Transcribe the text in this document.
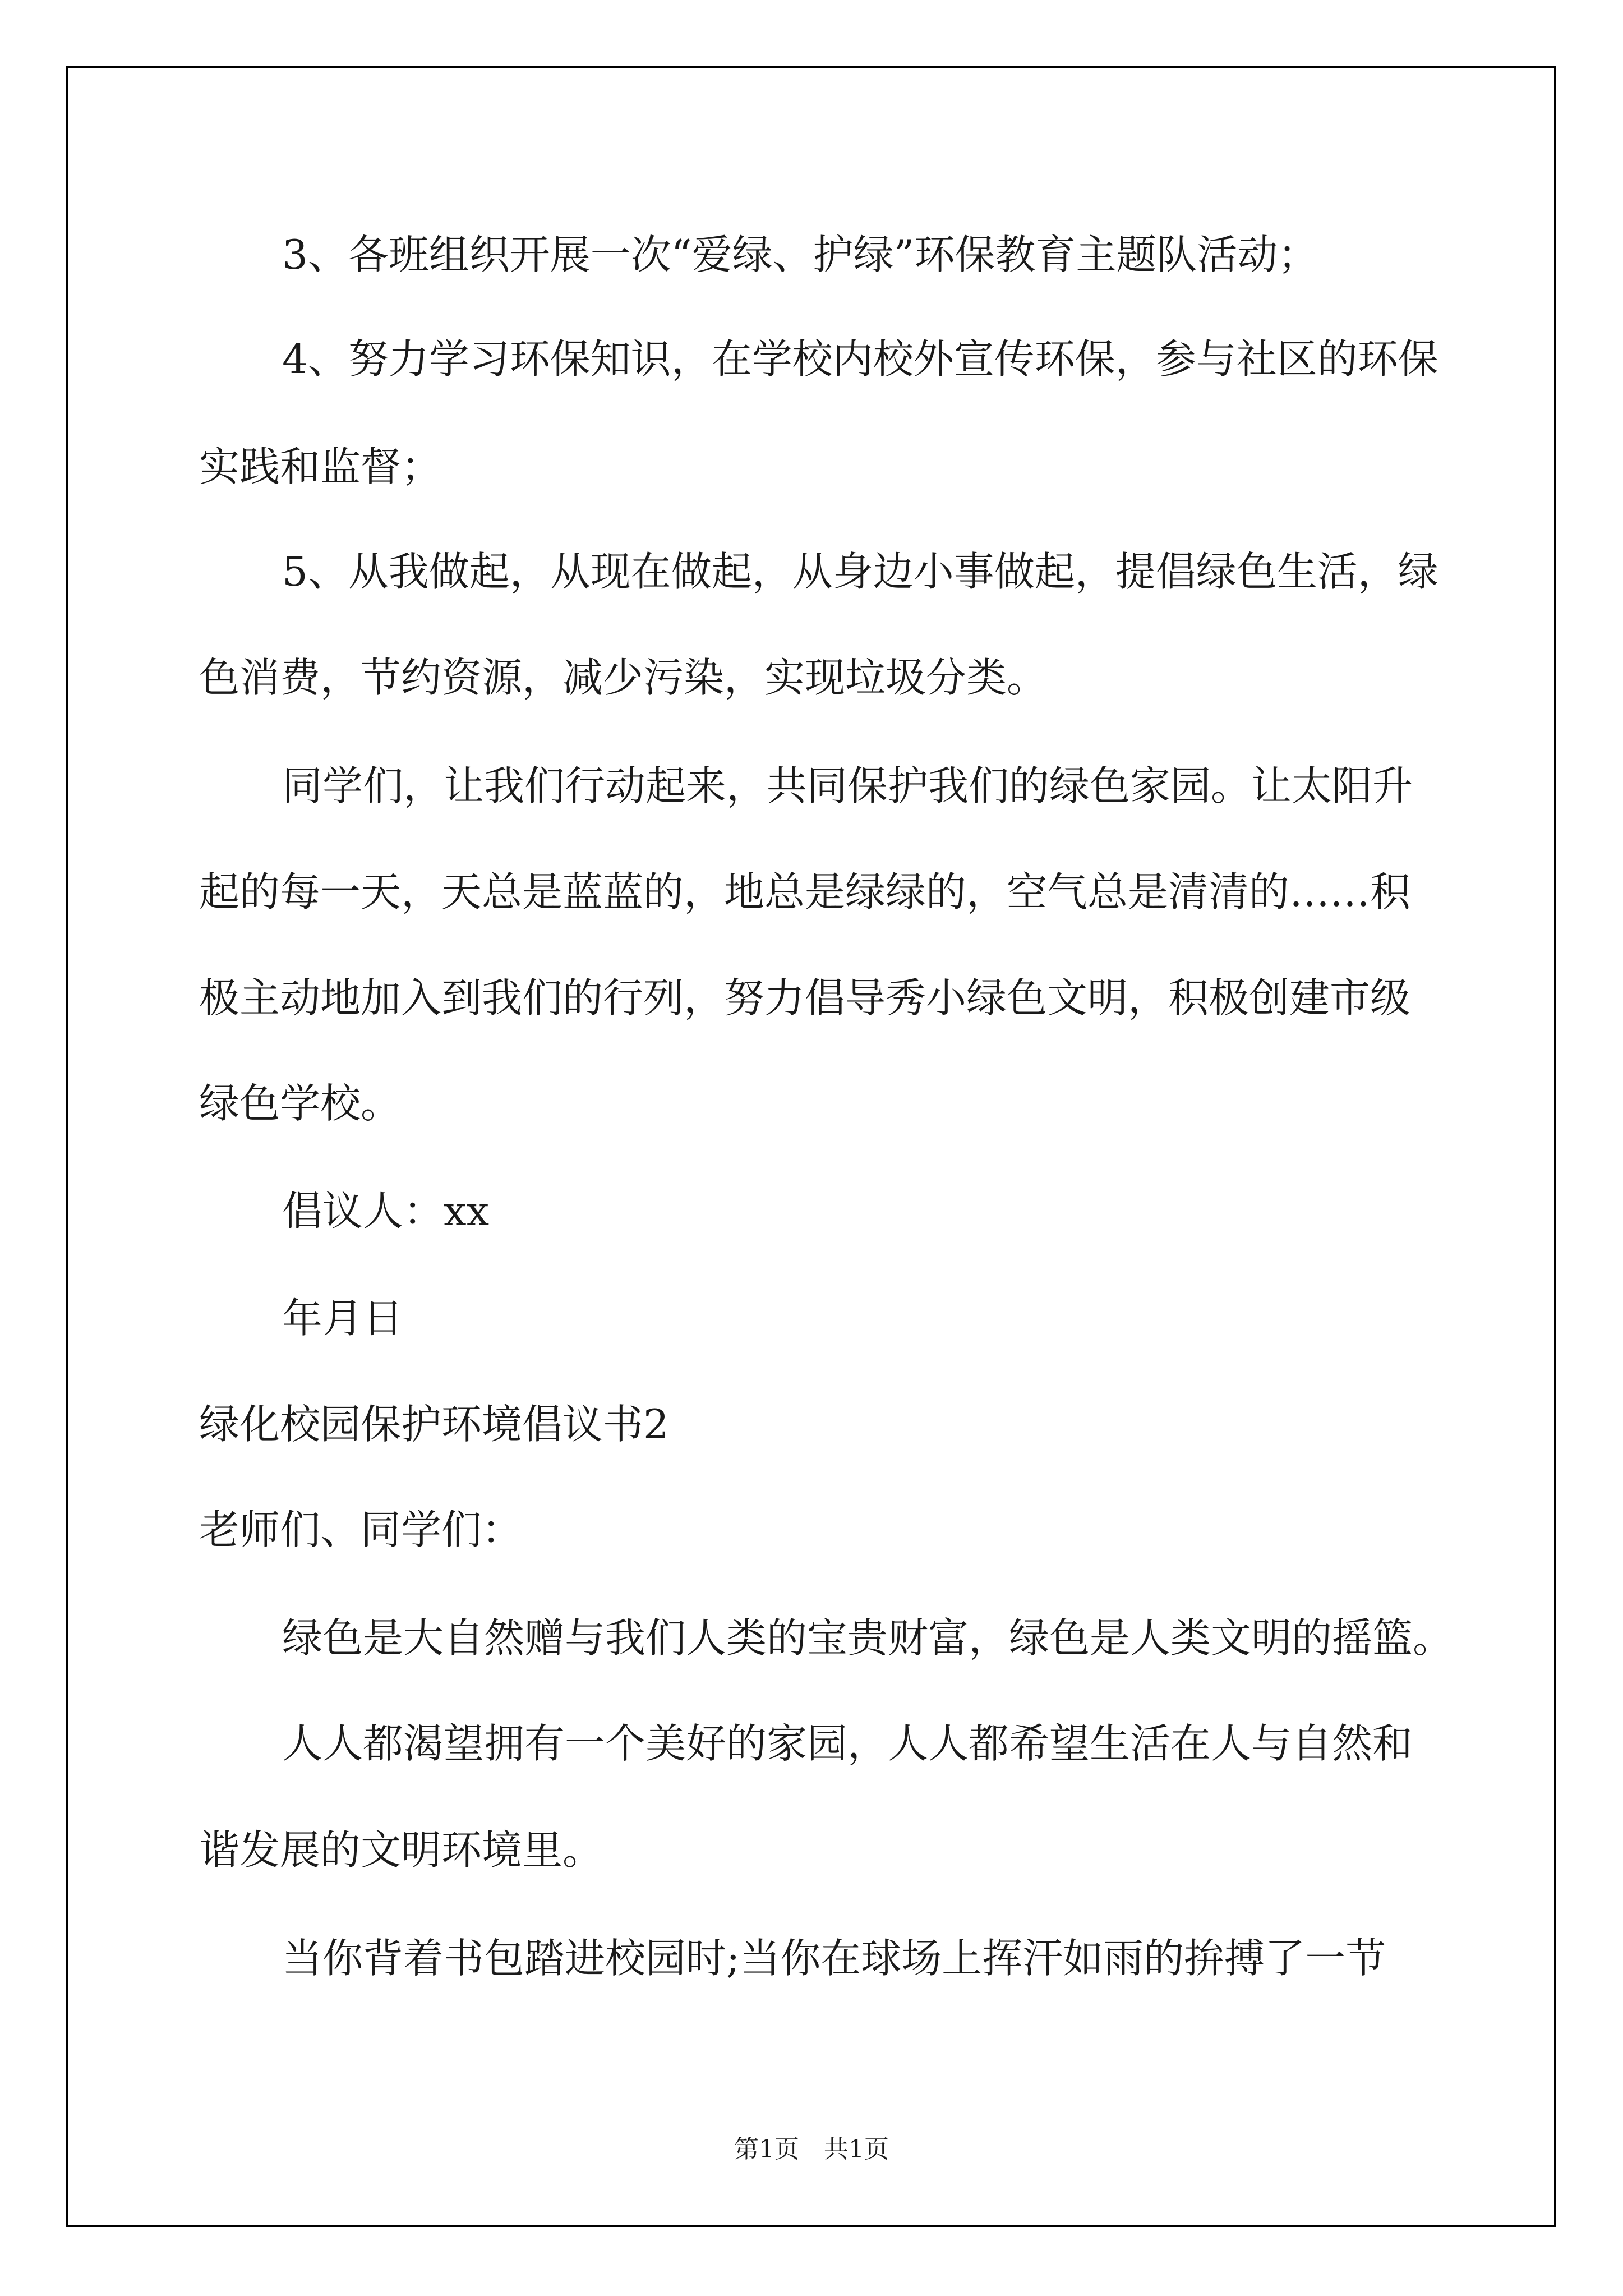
3、各班组织开展一次“爱绿、护绿”环保教育主题队活动；
4、努力学习环保知识，在学校内校外宣传环保，参与社区的环保
实践和监督；
5、从我做起，从现在做起，从身边小事做起，提倡绿色生活，绿
色消费，节约资源，减少污染，实现垃圾分类。
同学们，让我们行动起来，共同保护我们的绿色家园。让太阳升
起的每一天，天总是蓝蓝的，地总是绿绿的，空气总是清清的……积
极主动地加入到我们的行列，努力倡导秀小绿色文明，积极创建市级
绿色学校。
倡议人：xx
年月日
绿化校园保护环境倡议书2
老师们、同学们：
绿色是大自然赠与我们人类的宝贵财富，绿色是人类文明的摇篮。
人人都渴望拥有一个美好的家园，人人都希望生活在人与自然和
谐发展的文明环境里。
当你背着书包踏进校园时;当你在球场上挥汗如雨的拚搏了一节
第1页　共1页
